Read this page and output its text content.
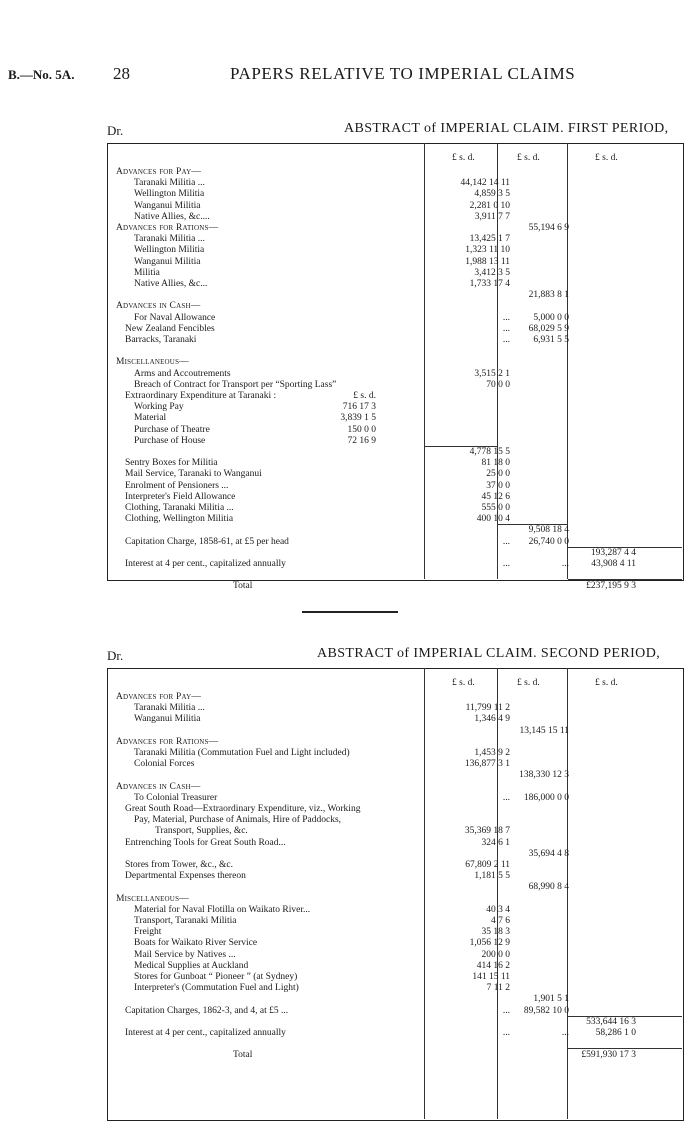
B.—No. 5A. 28	PAPERS RELATIVE TO IMPERIAL CLAIMS
Dr.	ABSTRACT of IMPERIAL CLAIM. FIRST PERIOD,
£ s. d.	£ s. d.	£ s. d.
Advances for Pay—
Taranaki Militia ...	44,142 14 11
Wellington Militia	4,859 3 5
Wanganui Militia	2,281 0 10
Native Allies, &c....	3,911 7 7
Advances for Rations—	55,194 6 9
Taranaki Militia ...	13,425 1 7
Wellington Militia	1,323 11 10
Wanganui Militia	1,988 13 11
Militia	3,412 3 5
Native Allies, &c...	1,733 17 4
21,883 8 1
Advances in Cash—
For Naval Allowance	...	5,000 0 0
New Zealand Fencibles	...	68,029 5 9
Barracks, Taranaki	...	6,931 5 5
Miscellaneous—
Arms and Accoutrements	3,515 2 1
Breach of Contract for Transport per “Sporting Lass”	70 0 0
Extraordinary Expenditure at Taranaki :	£ s. d.
Working Pay	716 17 3
Material	3,839 1 5
Purchase of Theatre	150 0 0
Purchase of House	72 16 9
4,778 15 5
Sentry Boxes for Militia	81 18 0
Mail Service, Taranaki to Wanganui	25 0 0
Enrolment of Pensioners ...	37 0 0
Interpreter's Field Allowance	45 12 6
Clothing, Taranaki Militia ...	555 0 0
Clothing, Wellington Militia	400 10 4
9,508 18 4
Capitation Charge, 1858-61, at £5 per head	...	26,740 0 0
193,287 4 4
Interest at 4 per cent., capitalized annually	...	...	43,908 4 11
Total	£237,195 9 3
Dr.	ABSTRACT of IMPERIAL CLAIM. SECOND PERIOD,
£ s. d.	£ s. d.	£ s. d.
Advances for Pay—
Taranaki Militia ...	11,799 11 2
Wanganui Militia	1,346 4 9
13,145 15 11
Advances for Rations—
Taranaki Militia (Commutation Fuel and Light included)	1,453 9 2
Colonial Forces	136,877 3 1
138,330 12 3
Advances in Cash—
To Colonial Treasurer	...	186,000 0 0
Great South Road—Extraordinary Expenditure, viz., Working
Pay, Material, Purchase of Animals, Hire of Paddocks,
Transport, Supplies, &c.	35,369 18 7
Entrenching Tools for Great South Road...	324 6 1
35,694 4 8
Stores from Tower, &c., &c.	67,809 2 11
Departmental Expenses thereon	1,181 5 5
68,990 8 4
Miscellaneous—
Material for Naval Flotilla on Waikato River...	40 3 4
Transport, Taranaki Militia	4 7 6
Freight	35 18 3
Boats for Waikato River Service	1,056 12 9
Mail Service by Natives ...	200 0 0
Medical Supplies at Auckland	414 16 2
Stores for Gunboat “ Pioneer ” (at Sydney)	141 15 11
Interpreter's (Commutation Fuel and Light)	7 11 2
1,901 5 1
Capitation Charges, 1862-3, and 4, at £5 ...	...	89,582 10 0
533,644 16 3
Interest at 4 per cent., capitalized annually	...	...	58,286 1 0
Total	£591,930 17 3
